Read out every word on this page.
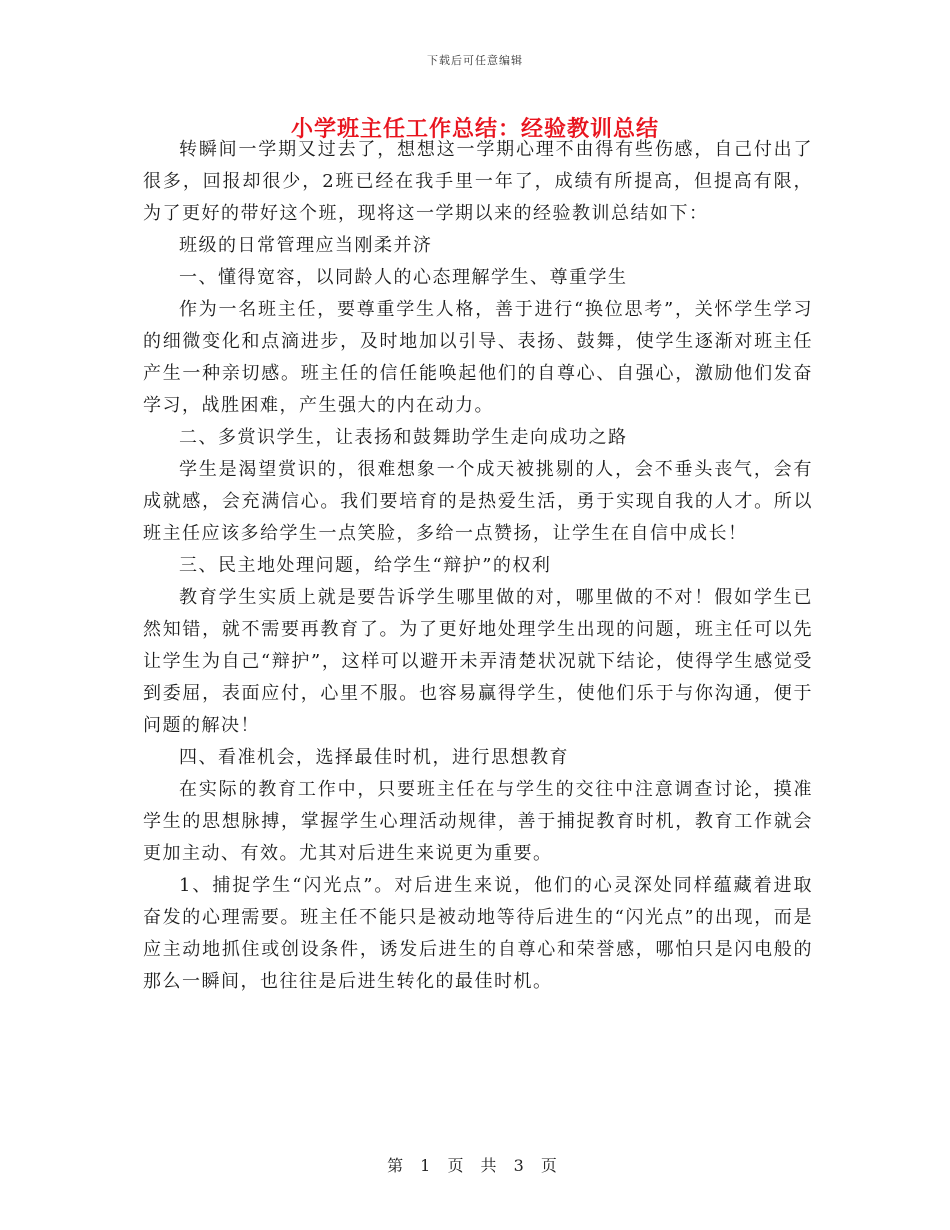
下载后可任意编辑
小学班主任工作总结：经验教训总结

转瞬间一学期又过去了，想想这一学期心理不由得有些伤感，自己付出了很多，回报却很少，2班已经在我手里一年了，成绩有所提高，但提高有限，为了更好的带好这个班，现将这一学期以来的经验教训总结如下：

班级的日常管理应当刚柔并济

一、懂得宽容，以同龄人的心态理解学生、尊重学生

作为一名班主任，要尊重学生人格，善于进行“换位思考”，关怀学生学习的细微变化和点滴进步，及时地加以引导、表扬、鼓舞，使学生逐渐对班主任产生一种亲切感。班主任的信任能唤起他们的自尊心、自强心，激励他们发奋学习，战胜困难，产生强大的内在动力。

二、多赏识学生，让表扬和鼓舞助学生走向成功之路

学生是渴望赏识的，很难想象一个成天被挑剔的人，会不垂头丧气，会有成就感，会充满信心。我们要培育的是热爱生活，勇于实现自我的人才。所以班主任应该多给学生一点笑脸，多给一点赞扬，让学生在自信中成长！

三、民主地处理问题，给学生“辩护”的权利

教育学生实质上就是要告诉学生哪里做的对，哪里做的不对！假如学生已然知错，就不需要再教育了。为了更好地处理学生出现的问题，班主任可以先让学生为自己“辩护”，这样可以避开未弄清楚状况就下结论，使得学生感觉受到委屈，表面应付，心里不服。也容易赢得学生，使他们乐于与你沟通，便于问题的解决！

四、看准机会，选择最佳时机，进行思想教育

在实际的教育工作中，只要班主任在与学生的交往中注意调查讨论，摸准学生的思想脉搏，掌握学生心理活动规律，善于捕捉教育时机，教育工作就会更加主动、有效。尤其对后进生来说更为重要。

1、捕捉学生“闪光点”。对后进生来说，他们的心灵深处同样蕴藏着进取奋发的心理需要。班主任不能只是被动地等待后进生的“闪光点”的出现，而是应主动地抓住或创设条件，诱发后进生的自尊心和荣誉感，哪怕只是闪电般的那么一瞬间，也往往是后进生转化的最佳时机。

第 1 页 共 3 页
